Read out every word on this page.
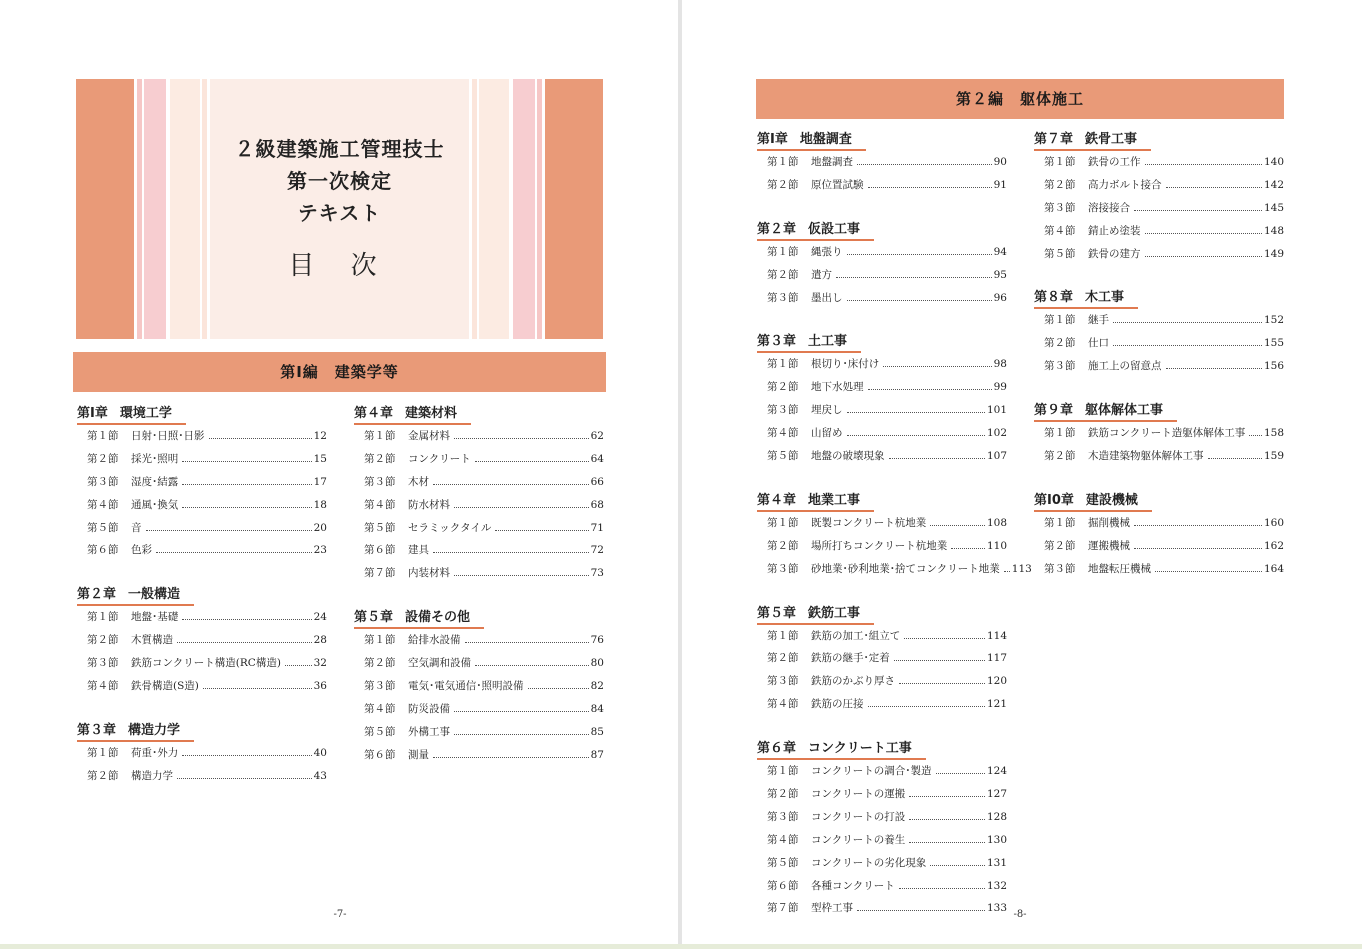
２級建築施工管理技士
第一次検定
テキスト
目 次
第Ⅰ編　建築学等
第Ⅰ章 環境工学
第１節	日射･日照･日影	12
第２節	採光･照明	15
第３節	湿度･結露	17
第４節	通風･換気	18
第５節	音	20
第６節	色彩	23
第２章 一般構造
第１節	地盤･基礎	24
第２節	木質構造	28
第３節	鉄筋コンクリート構造(RC構造)	32
第４節	鉄骨構造(S造)	36
第３章 構造力学
第１節	荷重･外力	40
第２節	構造力学	43
第４章 建築材料
第１節	金属材料	62
第２節	コンクリート	64
第３節	木材	66
第４節	防水材料	68
第５節	セラミックタイル	71
第６節	建具	72
第７節	内装材料	73
第５章 設備その他
第１節	給排水設備	76
第２節	空気調和設備	80
第３節	電気･電気通信･照明設備	82
第４節	防災設備	84
第５節	外構工事	85
第６節	測量	87
-7-
第２編　躯体施工
第Ⅰ章 地盤調査
第１節	地盤調査	90
第２節	原位置試験	91
第２章 仮設工事
第１節	縄張り	94
第２節	遣方	95
第３節	墨出し	96
第３章 土工事
第１節	根切り･床付け	98
第２節	地下水処理	99
第３節	埋戻し	101
第４節	山留め	102
第５節	地盤の破壊現象	107
第４章 地業工事
第１節	既製コンクリート杭地業	108
第２節	場所打ちコンクリート杭地業	110
第３節	砂地業･砂利地業･捨てコンクリート地業 113
第５章 鉄筋工事
第１節	鉄筋の加工･組立て	114
第２節	鉄筋の継手･定着	117
第３節	鉄筋のかぶり厚さ	120
第４節	鉄筋の圧接	121
第６章 コンクリート工事
第１節	コンクリートの調合･製造	124
第２節	コンクリートの運搬	127
第３節	コンクリートの打設	128
第４節	コンクリートの養生	130
第５節	コンクリートの劣化現象	131
第６節	各種コンクリート	132
第７節	型枠工事	133
第７章 鉄骨工事
第１節	鉄骨の工作	140
第２節	高力ボルト接合	142
第３節	溶接接合	145
第４節	錆止め塗装	148
第５節	鉄骨の建方	149
第８章 木工事
第１節	継手	152
第２節	仕口	155
第３節	施工上の留意点	156
第９章 躯体解体工事
第１節	鉄筋コンクリート造躯体解体工事 158
第２節	木造建築物躯体解体工事	159
第Ⅰ0章 建設機械
第１節	掘削機械	160
第２節	運搬機械	162
第３節	地盤転圧機械	164
-8-
